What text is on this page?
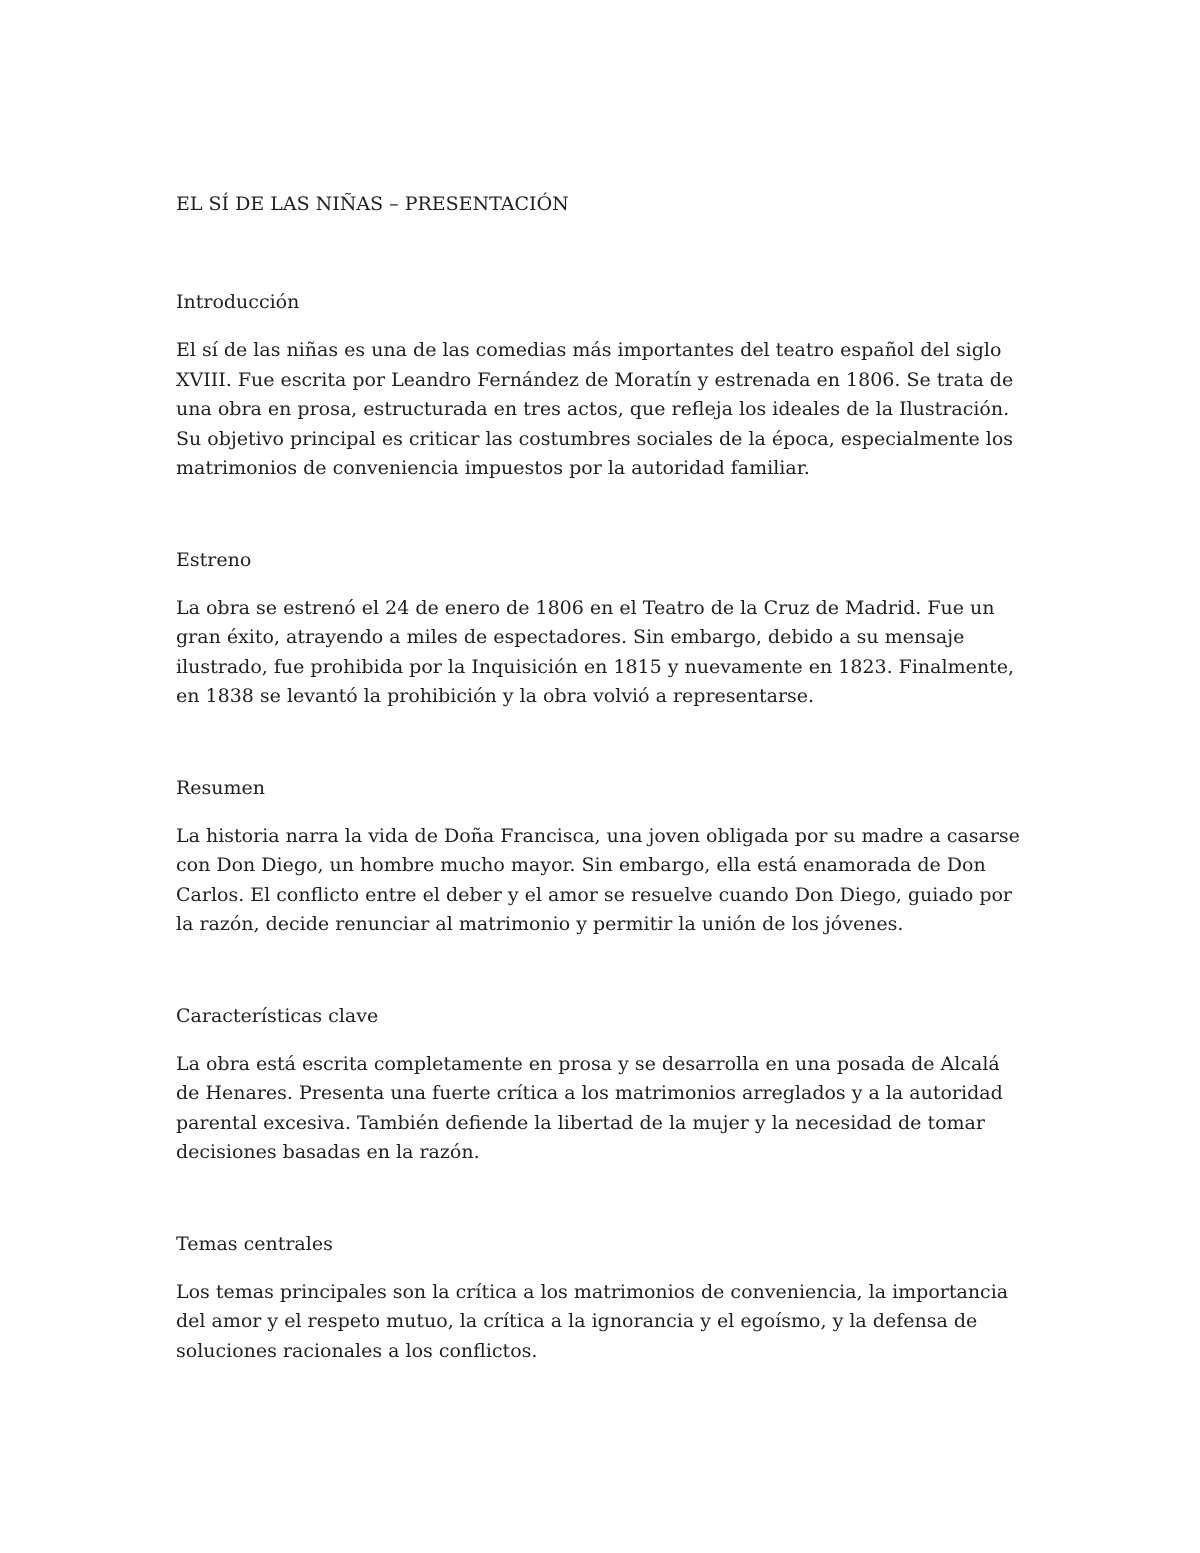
EL SÍ DE LAS NIÑAS – PRESENTACIÓN
Introducción

El sí de las niñas es una de las comedias más importantes del teatro español del siglo XVIII. Fue escrita por Leandro Fernández de Moratín y estrenada en 1806. Se trata de una obra en prosa, estructurada en tres actos, que refleja los ideales de la Ilustración. Su objetivo principal es criticar las costumbres sociales de la época, especialmente los matrimonios de conveniencia impuestos por la autoridad familiar.

Estreno

La obra se estrenó el 24 de enero de 1806 en el Teatro de la Cruz de Madrid. Fue un gran éxito, atrayendo a miles de espectadores. Sin embargo, debido a su mensaje ilustrado, fue prohibida por la Inquisición en 1815 y nuevamente en 1823. Finalmente, en 1838 se levantó la prohibición y la obra volvió a representarse.

Resumen

La historia narra la vida de Doña Francisca, una joven obligada por su madre a casarse con Don Diego, un hombre mucho mayor. Sin embargo, ella está enamorada de Don Carlos. El conflicto entre el deber y el amor se resuelve cuando Don Diego, guiado por la razón, decide renunciar al matrimonio y permitir la unión de los jóvenes.

Características clave

La obra está escrita completamente en prosa y se desarrolla en una posada de Alcalá de Henares. Presenta una fuerte crítica a los matrimonios arreglados y a la autoridad parental excesiva. También defiende la libertad de la mujer y la necesidad de tomar decisiones basadas en la razón.

Temas centrales

Los temas principales son la crítica a los matrimonios de conveniencia, la importancia del amor y el respeto mutuo, la crítica a la ignorancia y el egoísmo, y la defensa de soluciones racionales a los conflictos.
